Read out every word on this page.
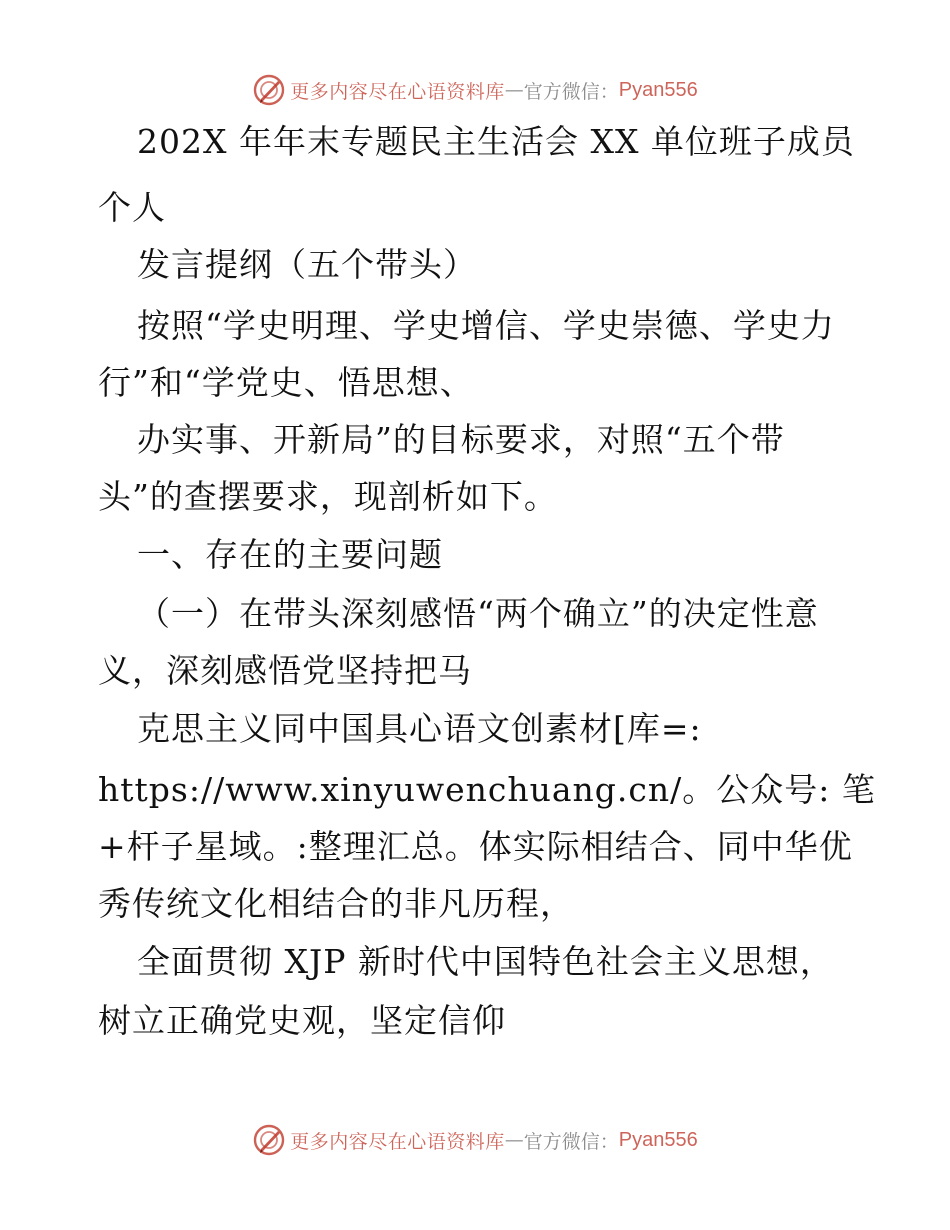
更多内容尽在心语资料库 — 官方微信： Pyan556
202X 年年末专题民主生活会 XX 单位班子成员
个人
发言提纲（五个带头）
按照“学史明理、学史增信、学史崇德、学史力
行”和“学党史、悟思想、
办实事、开新局”的目标要求，对照“五个带
头”的查摆要求，现剖析如下。
一、存在的主要问题
（一）在带头深刻感悟“两个确立”的决定性意
义，深刻感悟党坚持把马
克思主义同中国具心语文创素材[库=:
https://www.xinyuwenchuang.cn/。公众号: 笔
+杆子星域。:整理汇总。体实际相结合、同中华优
秀传统文化相结合的非凡历程，
全面贯彻 XJP 新时代中国特色社会主义思想，
树立正确党史观，坚定信仰
更多内容尽在心语资料库 — 官方微信： Pyan556
